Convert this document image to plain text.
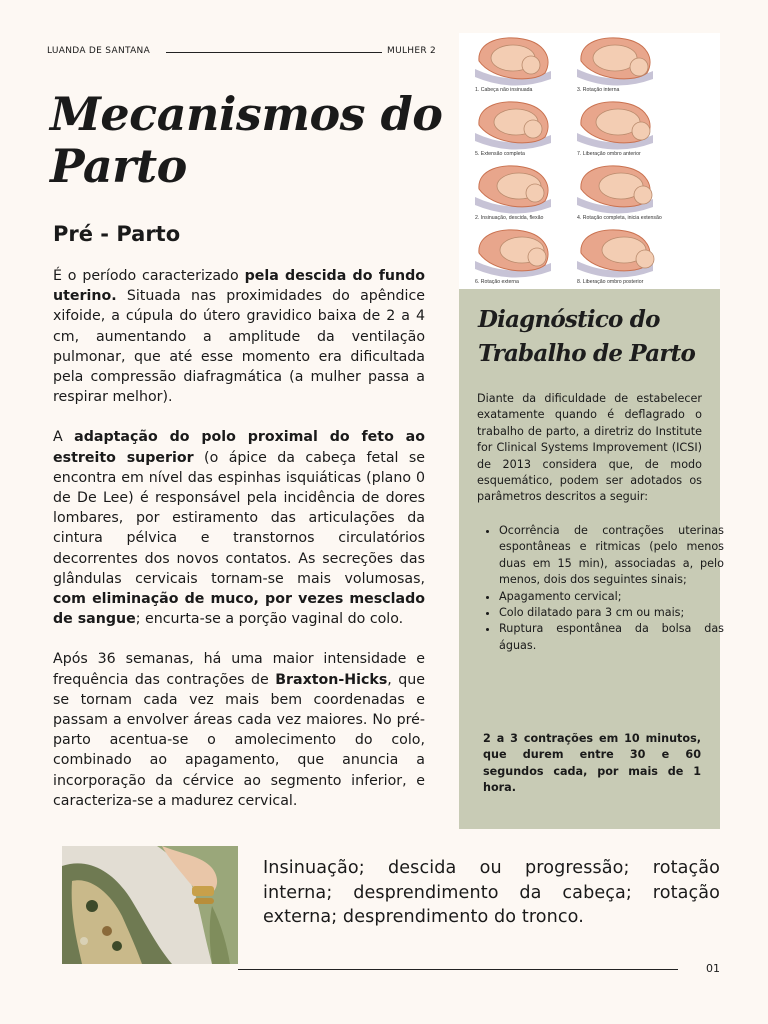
LUANDA DE SANTANA	MULHER 2
Mecanismos do Parto
Pré - Parto

É o período caracterizado pela descida do fundo uterino. Situada nas proximidades do apêndice xifoide, a cúpula do útero gravidico baixa de 2 a 4 cm, aumentando a amplitude da ventilação pulmonar, que até esse momento era dificultada pela compressão diafragmática (a mulher passa a respirar melhor).

A adaptação do polo proximal do feto ao estreito superior (o ápice da cabeça fetal se encontra em nível das espinhas isquiáticas (plano 0 de De Lee) é responsável pela incidência de dores lombares, por estiramento das articulações da cintura pélvica e transtornos circulatórios decorrentes dos novos contatos. As secreções das glândulas cervicais tornam-se mais volumosas, com eliminação de muco, por vezes mesclado de sangue; encurta-se a porção vaginal do colo.

Após 36 semanas, há uma maior intensidade e frequência das contrações de Braxton-Hicks, que se tornam cada vez mais bem coordenadas e passam a envolver áreas cada vez maiores. No pré-parto acentua-se o amolecimento do colo, combinado ao apagamento, que anuncia a incorporação da cérvice ao segmento inferior, e caracteriza-se a madurez cervical.

1. Cabeça não insinuada
5. Extensão completa
2. Insinuação, descida, flexão
6. Rotação externa
3. Rotação interna
7. Liberação ombro anterior
4. Rotação completa, inicia extensão
8. Liberação ombro posterior
Diagnóstico do Trabalho de Parto

Diante da dificuldade de estabelecer exatamente quando é deflagrado o trabalho de parto, a diretriz do Institute for Clinical Systems Improvement (ICSI) de 2013 considera que, de modo esquemático, podem ser adotados os parâmetros descritos a seguir:

• Ocorrência de contrações uterinas espontâneas e ritmicas (pelo menos duas em 15 min), associadas a, pelo menos, dois dos seguintes sinais;
• Apagamento cervical;
• Colo dilatado para 3 cm ou mais;
• Ruptura espontânea da bolsa das águas.

2 a 3 contrações em 10 minutos, que durem entre 30 e 60 segundos cada, por mais de 1 hora.

Insinuação; descida ou progressão; rotação interna; desprendimento da cabeça; rotação externa; desprendimento do tronco.

01
